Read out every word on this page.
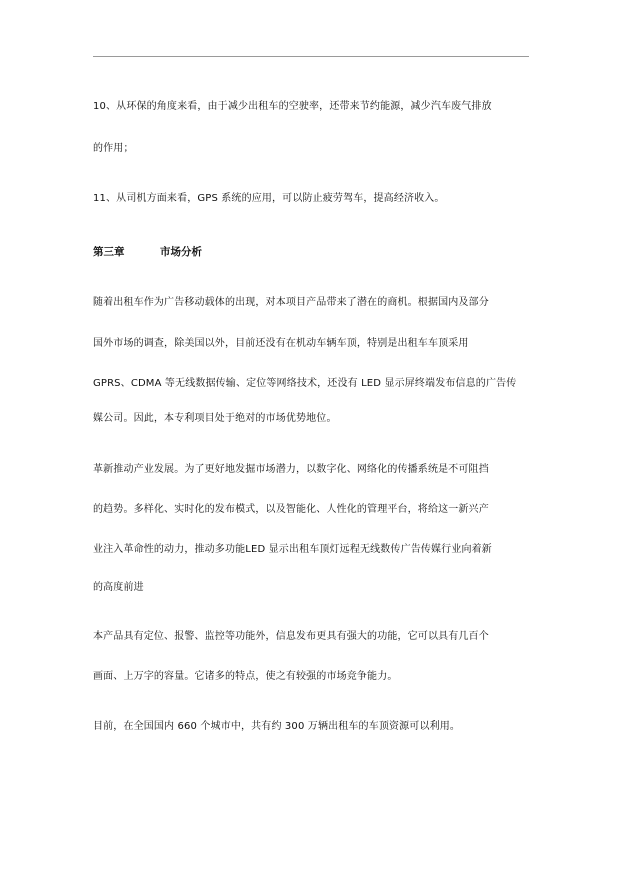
10、从环保的角度来看，由于减少出租车的空驶率，还带来节约能源，减少汽车废气排放
的作用；
11、从司机方面来看，GPS 系统的应用，可以防止疲劳驾车，提高经济收入。
第三章	市场分析
随着出租车作为广告移动载体的出现，对本项目产品带来了潜在的商机。根据国内及部分
国外市场的调查，除美国以外，目前还没有在机动车辆车顶，特别是出租车车顶采用
GPRS、CDMA 等无线数据传输、定位等网络技术，还没有 LED 显示屏终端发布信息的广告传
媒公司。因此，本专利项目处于绝对的市场优势地位。
革新推动产业发展。为了更好地发掘市场潜力，以数字化、网络化的传播系统是不可阻挡
的趋势。多样化、实时化的发布模式，以及智能化、人性化的管理平台，将给这一新兴产
业注入革命性的动力，推动多功能LED 显示出租车顶灯远程无线数传广告传媒行业向着新
的高度前进
本产品具有定位、报警、监控等功能外，信息发布更具有强大的功能，它可以具有几百个
画面、上万字的容量。它诸多的特点，使之有较强的市场竞争能力。
目前，在全国国内 660 个城市中，共有约 300 万辆出租车的车顶资源可以利用。
